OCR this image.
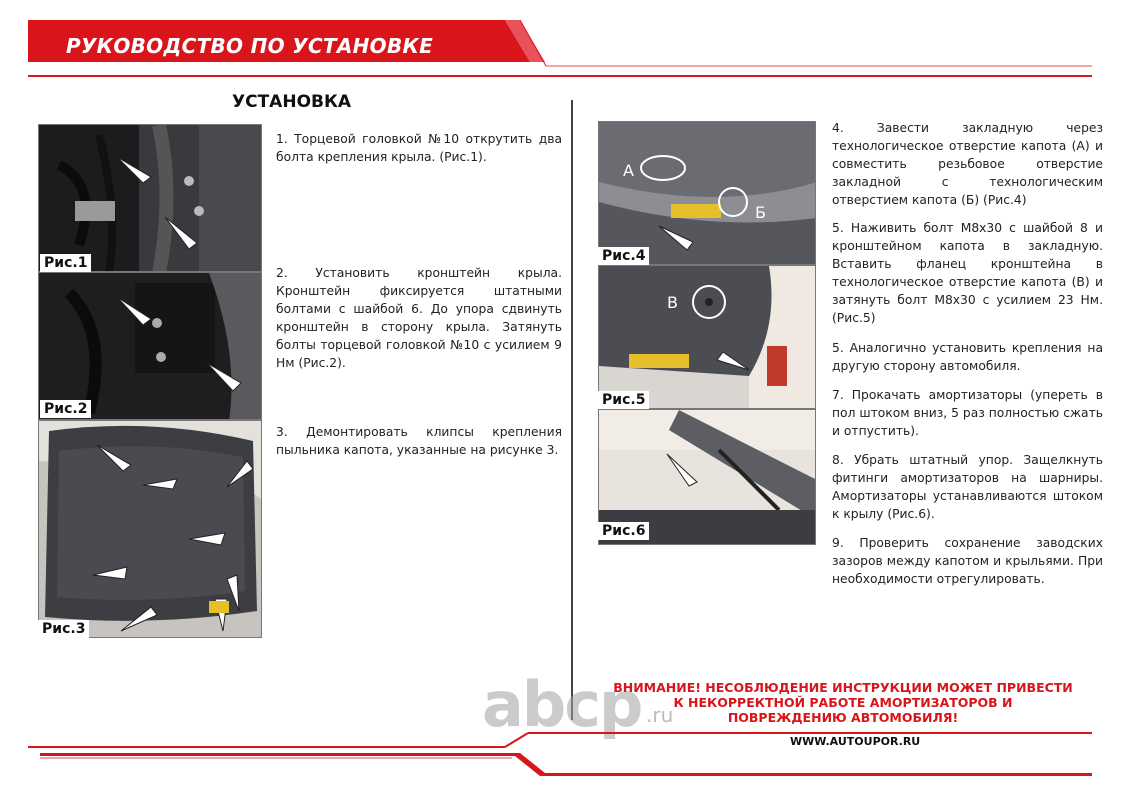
РУКОВОДСТВО ПО УСТАНОВКЕ
УСТАНОВКА
Рис.1
Рис.2
Рис.3
1. Торцевой головкой №10 открутить два болта крепления крыла. (Рис.1).
2. Установить кронштейн крыла. Кронштейн фиксируется штатными болтами с шайбой 6. До упора сдвинуть кронштейн в сторону крыла. Затянуть болты торцевой головкой №10 с усилием 9 Нм (Рис.2).
3. Демонтировать клипсы крепления пыльника капота, указанные на рисунке 3.
А
Б
Рис.4
В
Рис.5
Рис.6
4. Завести закладную через технологическое отверстие капота (А) и совместить резьбовое отверстие закладной с технологическим отверстием капота (Б) (Рис.4)
5. Наживить болт М8х30 с шайбой 8 и кронштейном капота в закладную. Вставить фланец кронштейна в технологическое отверстие капота (В) и затянуть болт М8х30 с усилием 23 Нм. (Рис.5)
5. Аналогично установить крепления на другую сторону автомобиля.
7. Прокачать амортизаторы (упереть в пол штоком вниз, 5 раз полностью сжать и отпустить).
8. Убрать штатный упор. Защелкнуть фитинги амортизаторов на шарниры. Амортизаторы устанавливаются штоком к крылу (Рис.6).
9. Проверить сохранение заводских зазоров между капотом и крыльями. При необходимости отрегулировать.
abcp .ru
ВНИМАНИЕ! НЕСОБЛЮДЕНИЕ ИНСТРУКЦИИ МОЖЕТ ПРИВЕСТИ К НЕКОРРЕКТНОЙ РАБОТЕ АМОРТИЗАТОРОВ И ПОВРЕЖДЕНИЮ АВТОМОБИЛЯ!
WWW.AUTOUPOR.RU
